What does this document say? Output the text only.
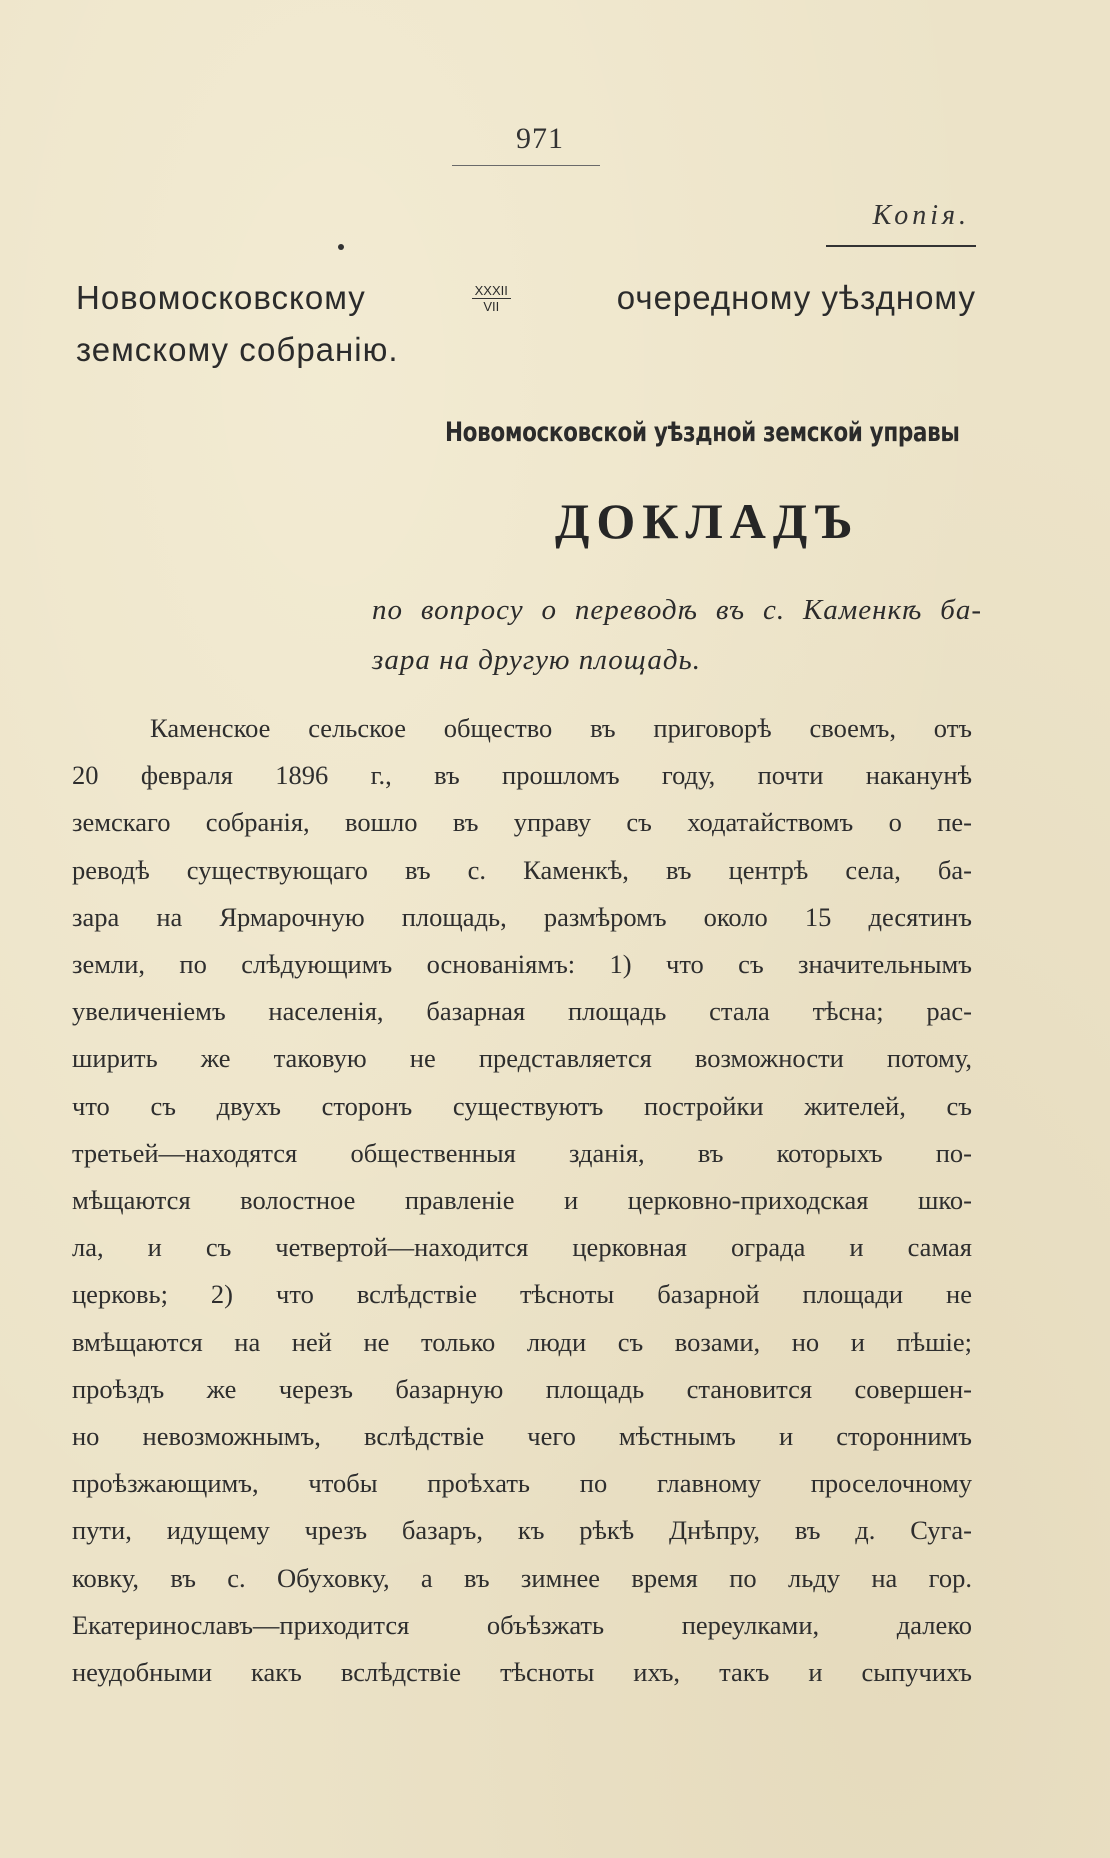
971
Копія.
Новомосковскому	$\frac{\text{XXXII}}{\text{VII}}$	очередному уѣздному
земскому собранію.
Новомосковской уѣздной земской управы
ДОКЛАДЪ
по вопросу о переводѣ въ с. Каменкѣ ба-
зара на другую площадь.
Каменское сельское общество въ приговорѣ своемъ, отъ
20 февраля 1896 г., въ прошломъ году, почти наканунѣ
земскаго собранія, вошло въ управу съ ходатайствомъ о пе-
реводѣ существующаго въ с. Каменкѣ, въ центрѣ села, ба-
зара на Ярмарочную площадь, размѣромъ около 15 десятинъ
земли, по слѣдующимъ основаніямъ: 1) что съ значительнымъ
увеличеніемъ населенія, базарная площадь стала тѣсна; рас-
ширить же таковую не представляется возможности потому,
что съ двухъ сторонъ существуютъ постройки жителей, съ
третьей—находятся общественныя зданія, въ которыхъ по-
мѣщаются волостное правленіе и церковно-приходская шко-
ла, и съ четвертой—находится церковная ограда и самая
церковь; 2) что вслѣдствіе тѣсноты базарной площади не
вмѣщаются на ней не только люди съ возами, но и пѣшіе;
проѣздъ же черезъ базарную площадь становится совершен-
но невозможнымъ, вслѣдствіе чего мѣстнымъ и стороннимъ
проѣзжающимъ, чтобы проѣхать по главному проселочному
пути, идущему чрезъ базаръ, къ рѣкѣ Днѣпру, въ д. Суга-
ковку, въ с. Обуховку, а въ зимнее время по льду на гор.
Екатеринославъ—приходится объѣзжать переулками, далеко
неудобными какъ вслѣдствіе тѣсноты ихъ, такъ и сыпучихъ
